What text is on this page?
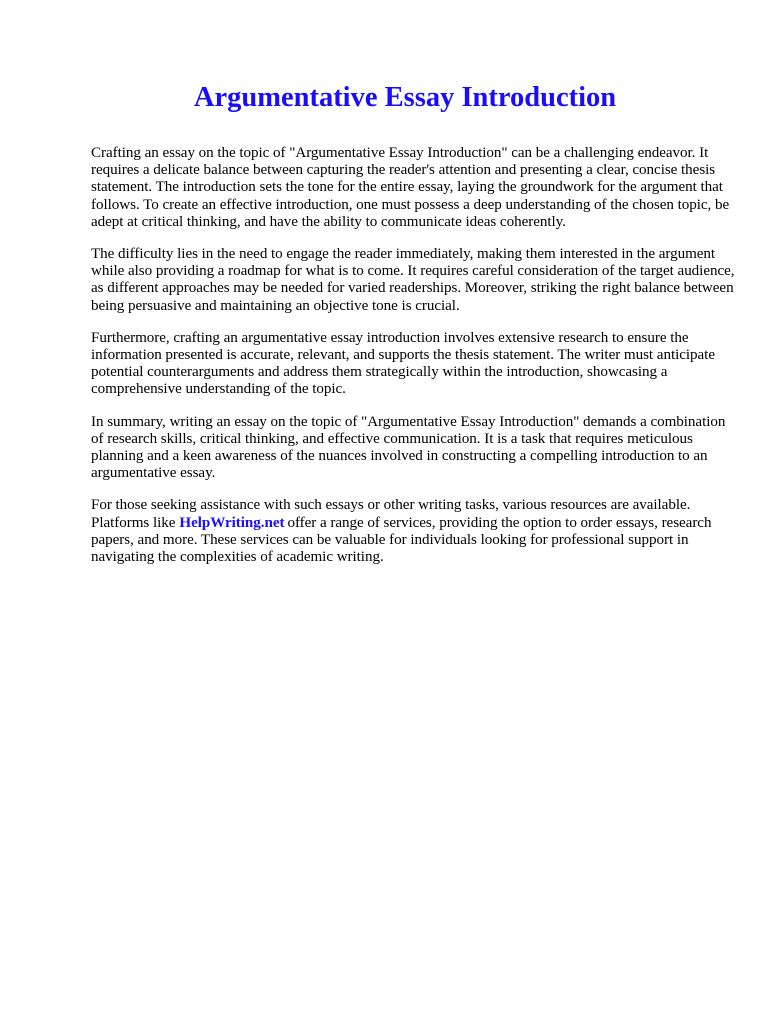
Argumentative Essay Introduction

Crafting an essay on the topic of "Argumentative Essay Introduction" can be a challenging endeavor. It requires a delicate balance between capturing the reader's attention and presenting a clear, concise thesis statement. The introduction sets the tone for the entire essay, laying the groundwork for the argument that follows. To create an effective introduction, one must possess a deep understanding of the chosen topic, be adept at critical thinking, and have the ability to communicate ideas coherently.

The difficulty lies in the need to engage the reader immediately, making them interested in the argument while also providing a roadmap for what is to come. It requires careful consideration of the target audience, as different approaches may be needed for varied readerships. Moreover, striking the right balance between being persuasive and maintaining an objective tone is crucial.

Furthermore, crafting an argumentative essay introduction involves extensive research to ensure the information presented is accurate, relevant, and supports the thesis statement. The writer must anticipate potential counterarguments and address them strategically within the introduction, showcasing a comprehensive understanding of the topic.

In summary, writing an essay on the topic of "Argumentative Essay Introduction" demands a combination of research skills, critical thinking, and effective communication. It is a task that requires meticulous planning and a keen awareness of the nuances involved in constructing a compelling introduction to an argumentative essay.

For those seeking assistance with such essays or other writing tasks, various resources are available. Platforms like HelpWriting.net offer a range of services, providing the option to order essays, research papers, and more. These services can be valuable for individuals looking for professional support in navigating the complexities of academic writing.
